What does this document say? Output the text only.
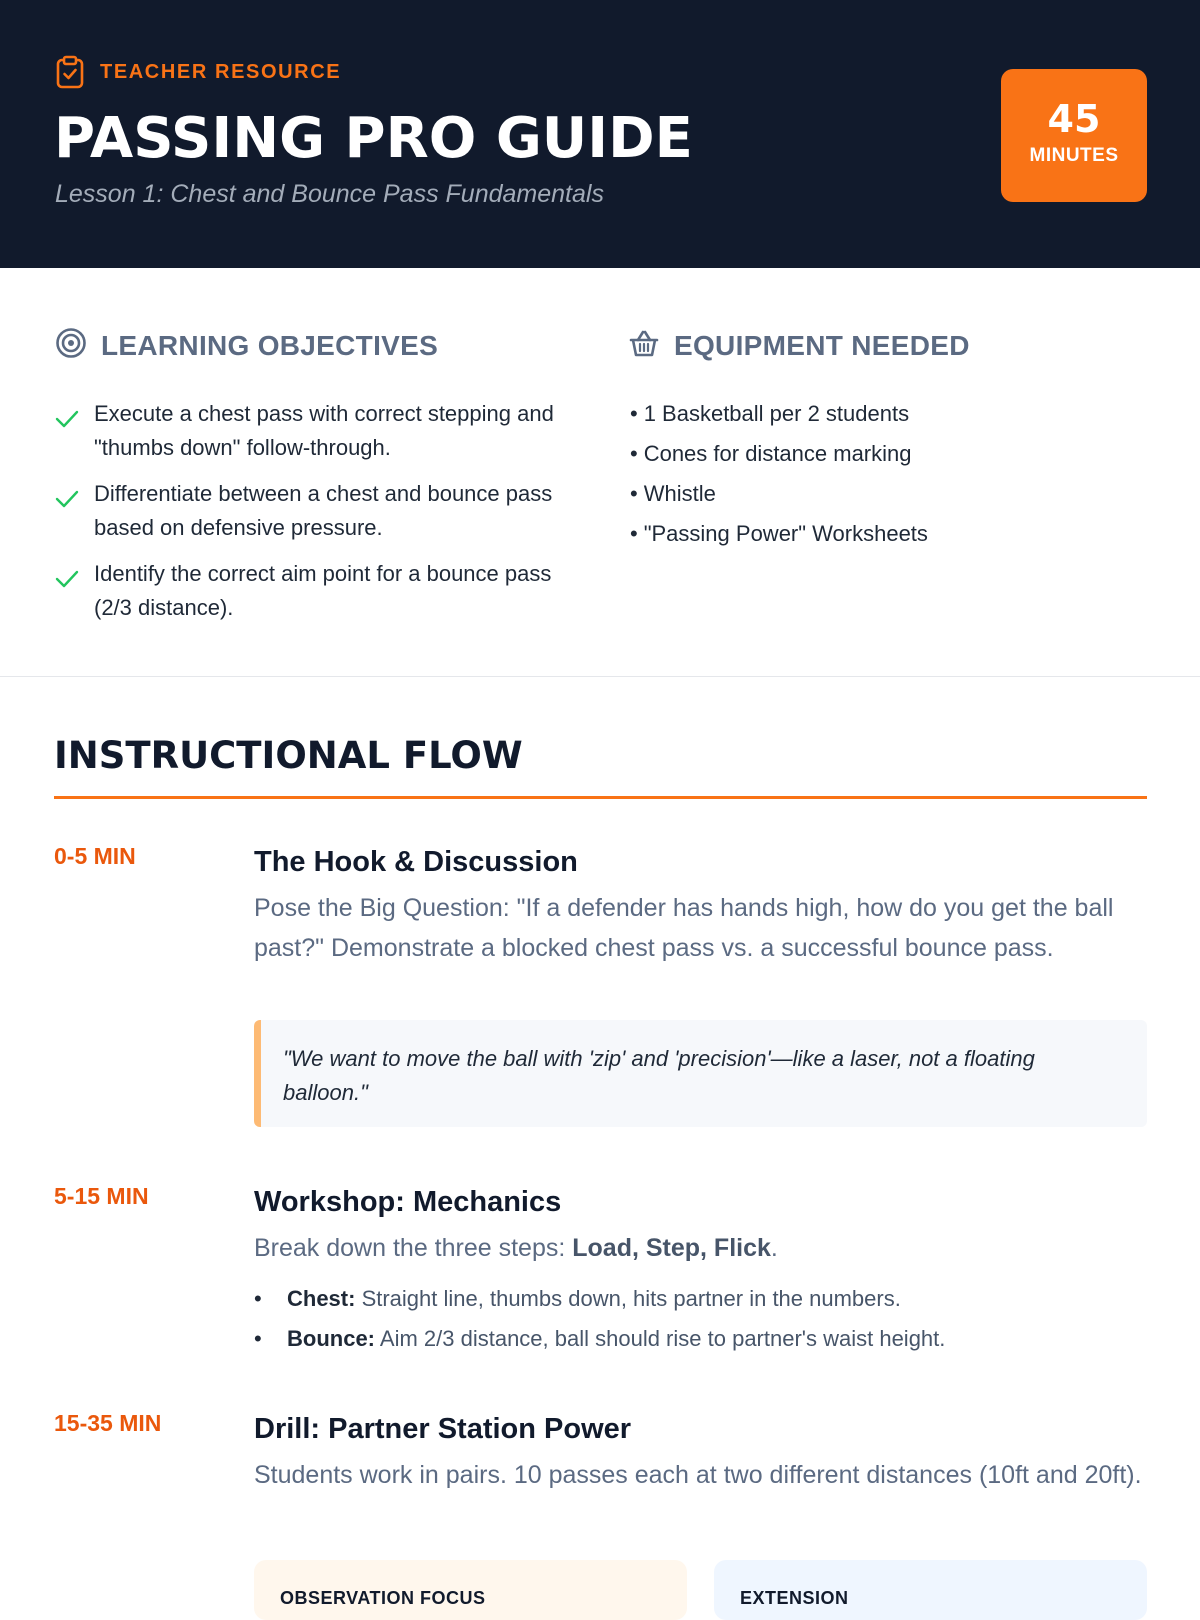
TEACHER RESOURCE
PASSING PRO GUIDE
Lesson 1: Chest and Bounce Pass Fundamentals
45
MINUTES
LEARNING OBJECTIVES
Execute a chest pass with correct stepping and "thumbs down" follow-through.
Differentiate between a chest and bounce pass based on defensive pressure.
Identify the correct aim point for a bounce pass (2/3 distance).
EQUIPMENT NEEDED
• 1 Basketball per 2 students
• Cones for distance marking
• Whistle
• "Passing Power" Worksheets
INSTRUCTIONAL FLOW
0-5 MIN	The Hook & Discussion

Pose the Big Question: "If a defender has hands high, how do you get the ball past?" Demonstrate a blocked chest pass vs. a successful bounce pass.

"We want to move the ball with 'zip' and 'precision'—like a laser, not a floating balloon."

5-15 MIN	Workshop: Mechanics

Break down the three steps: Load, Step, Flick.

• Chest: Straight line, thumbs down, hits partner in the numbers.
• Bounce: Aim 2/3 distance, ball should rise to partner's waist height.
15-35 MIN	Drill: Partner Station Power

Students work in pairs. 10 passes each at two different distances (10ft and 20ft).

OBSERVATION FOCUS	EXTENSION
